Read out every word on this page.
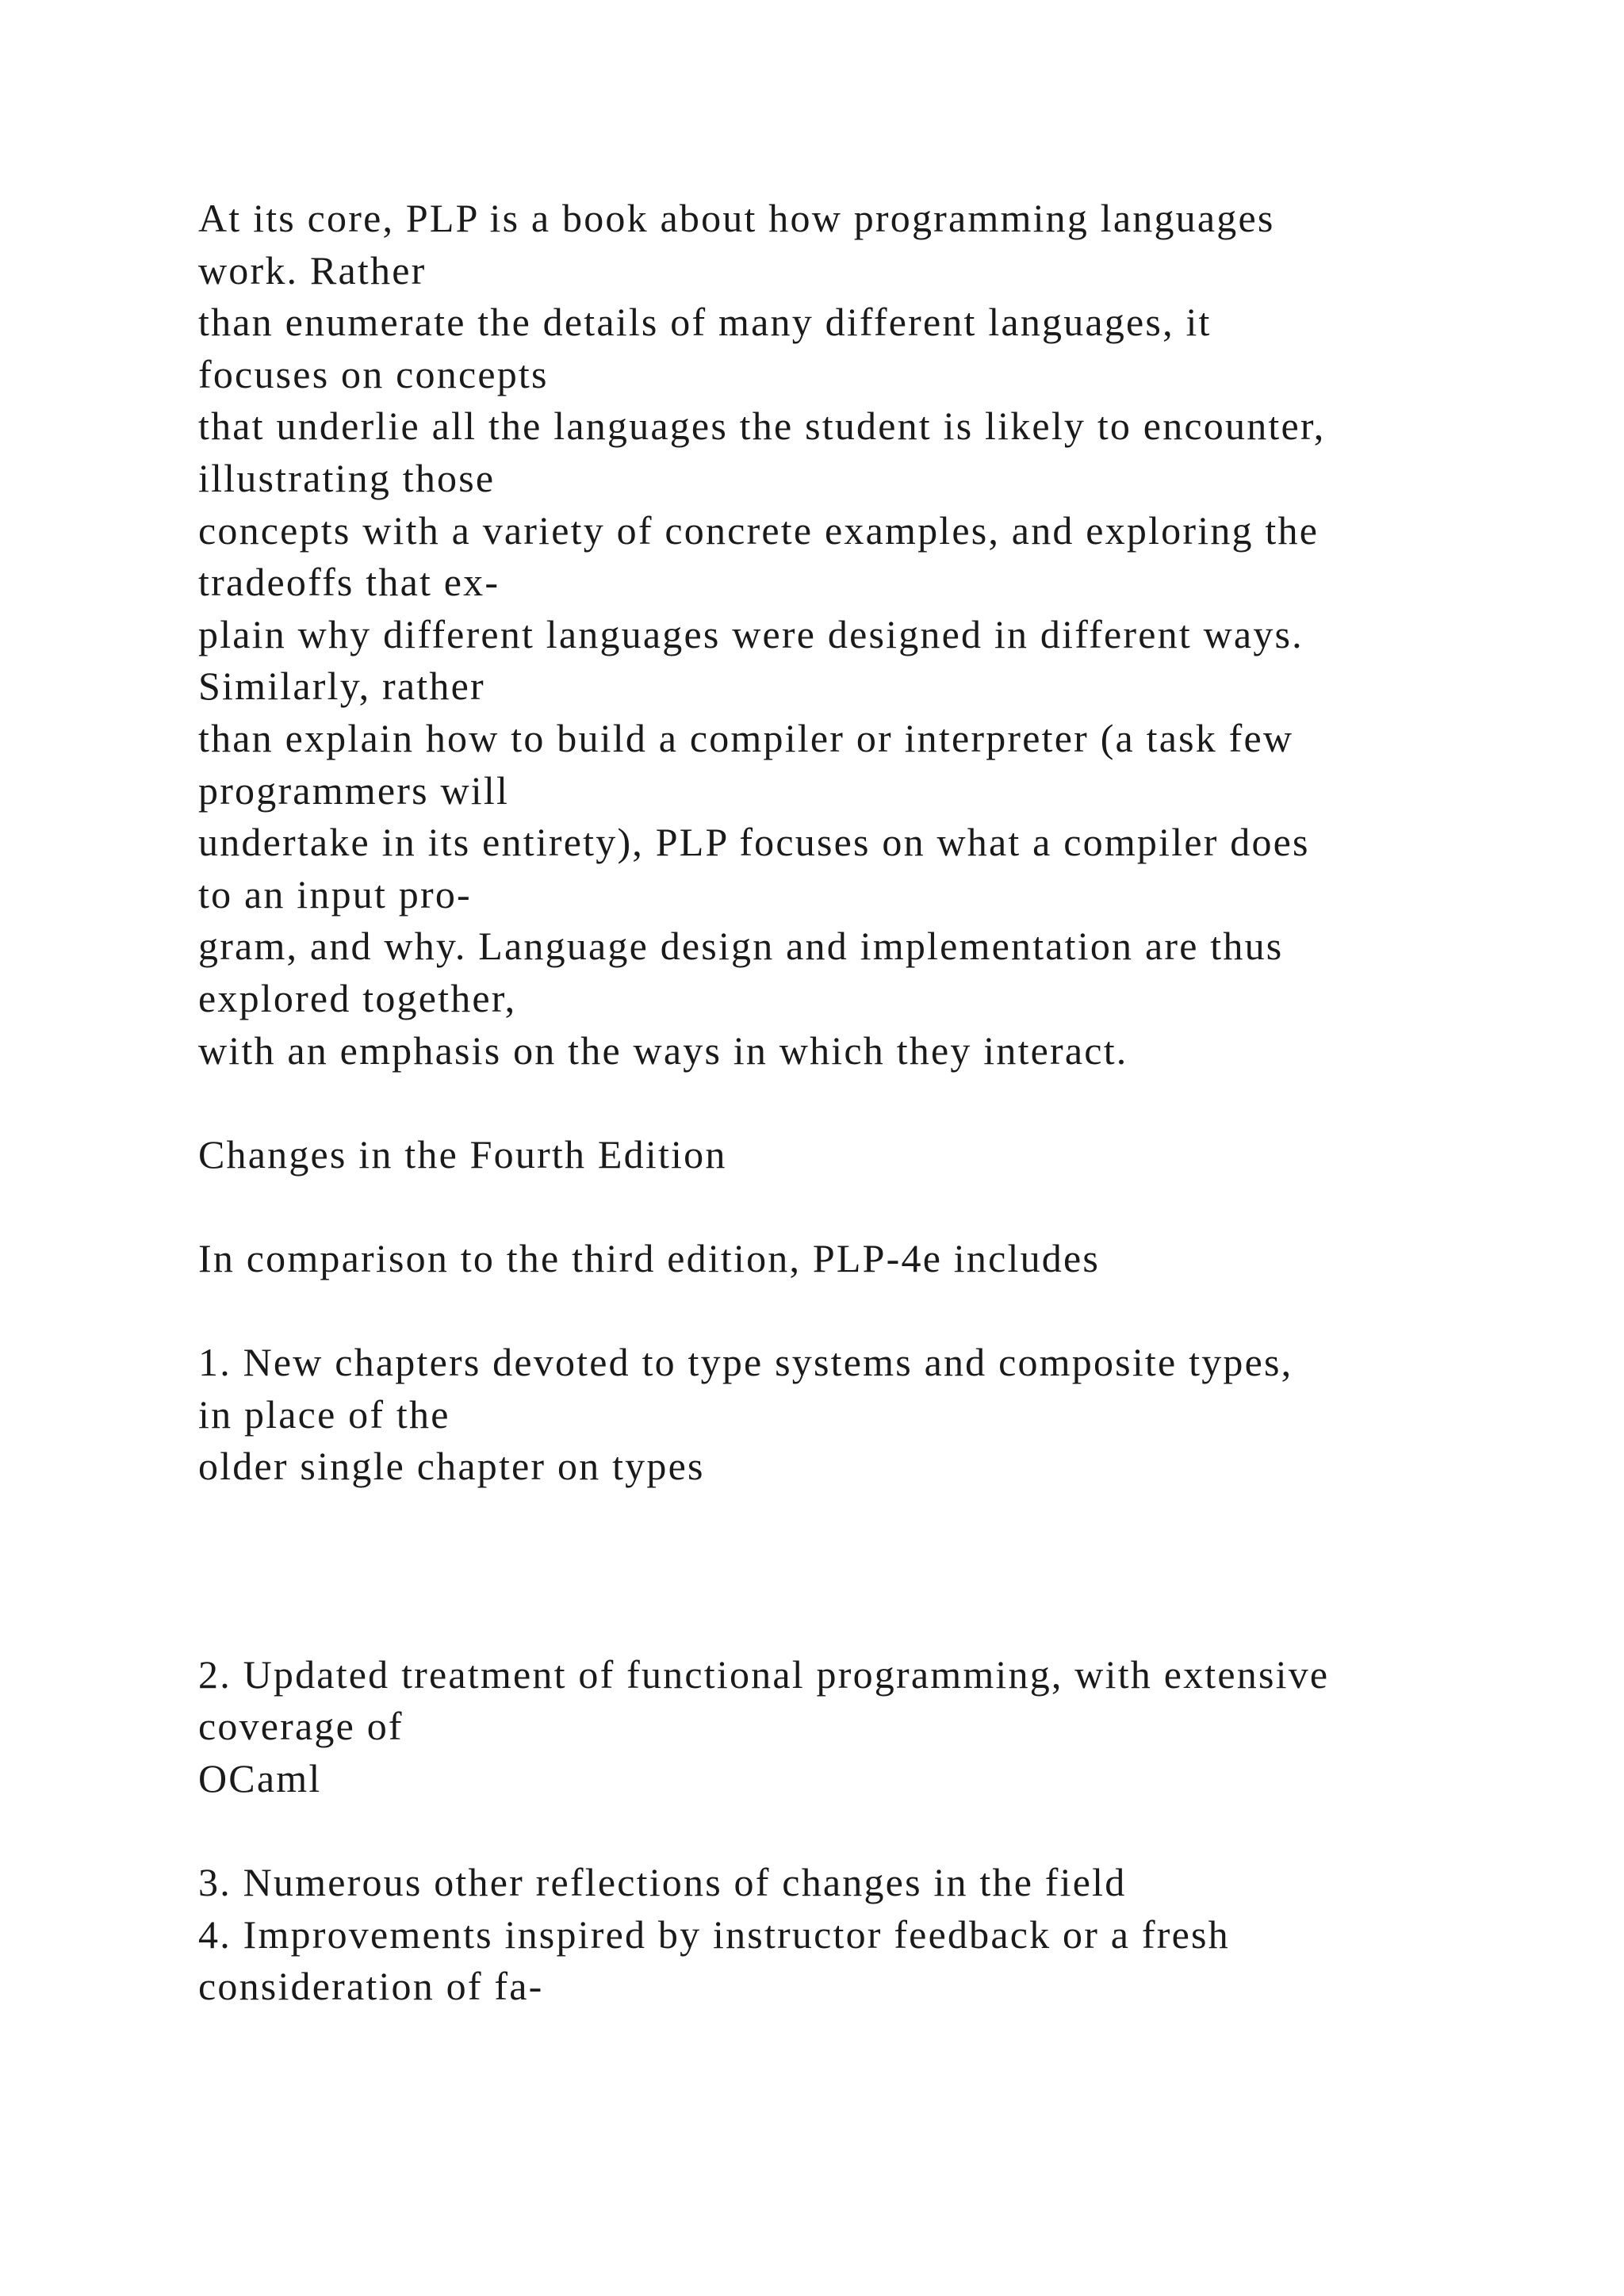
At its core, PLP is a book about how programming languages
work. Rather
than enumerate the details of many different languages, it
focuses on concepts
that underlie all the languages the student is likely to encounter,
illustrating those
concepts with a variety of concrete examples, and exploring the
tradeoffs that ex-
plain why different languages were designed in different ways.
Similarly, rather
than explain how to build a compiler or interpreter (a task few
programmers will
undertake in its entirety), PLP focuses on what a compiler does
to an input pro-
gram, and why. Language design and implementation are thus
explored together,
with an emphasis on the ways in which they interact.
Changes in the Fourth Edition
In comparison to the third edition, PLP-4e includes
1. New chapters devoted to type systems and composite types,
in place of the
older single chapter on types
2. Updated treatment of functional programming, with extensive
coverage of
OCaml
3. Numerous other reflections of changes in the field
4. Improvements inspired by instructor feedback or a fresh
consideration of fa-
